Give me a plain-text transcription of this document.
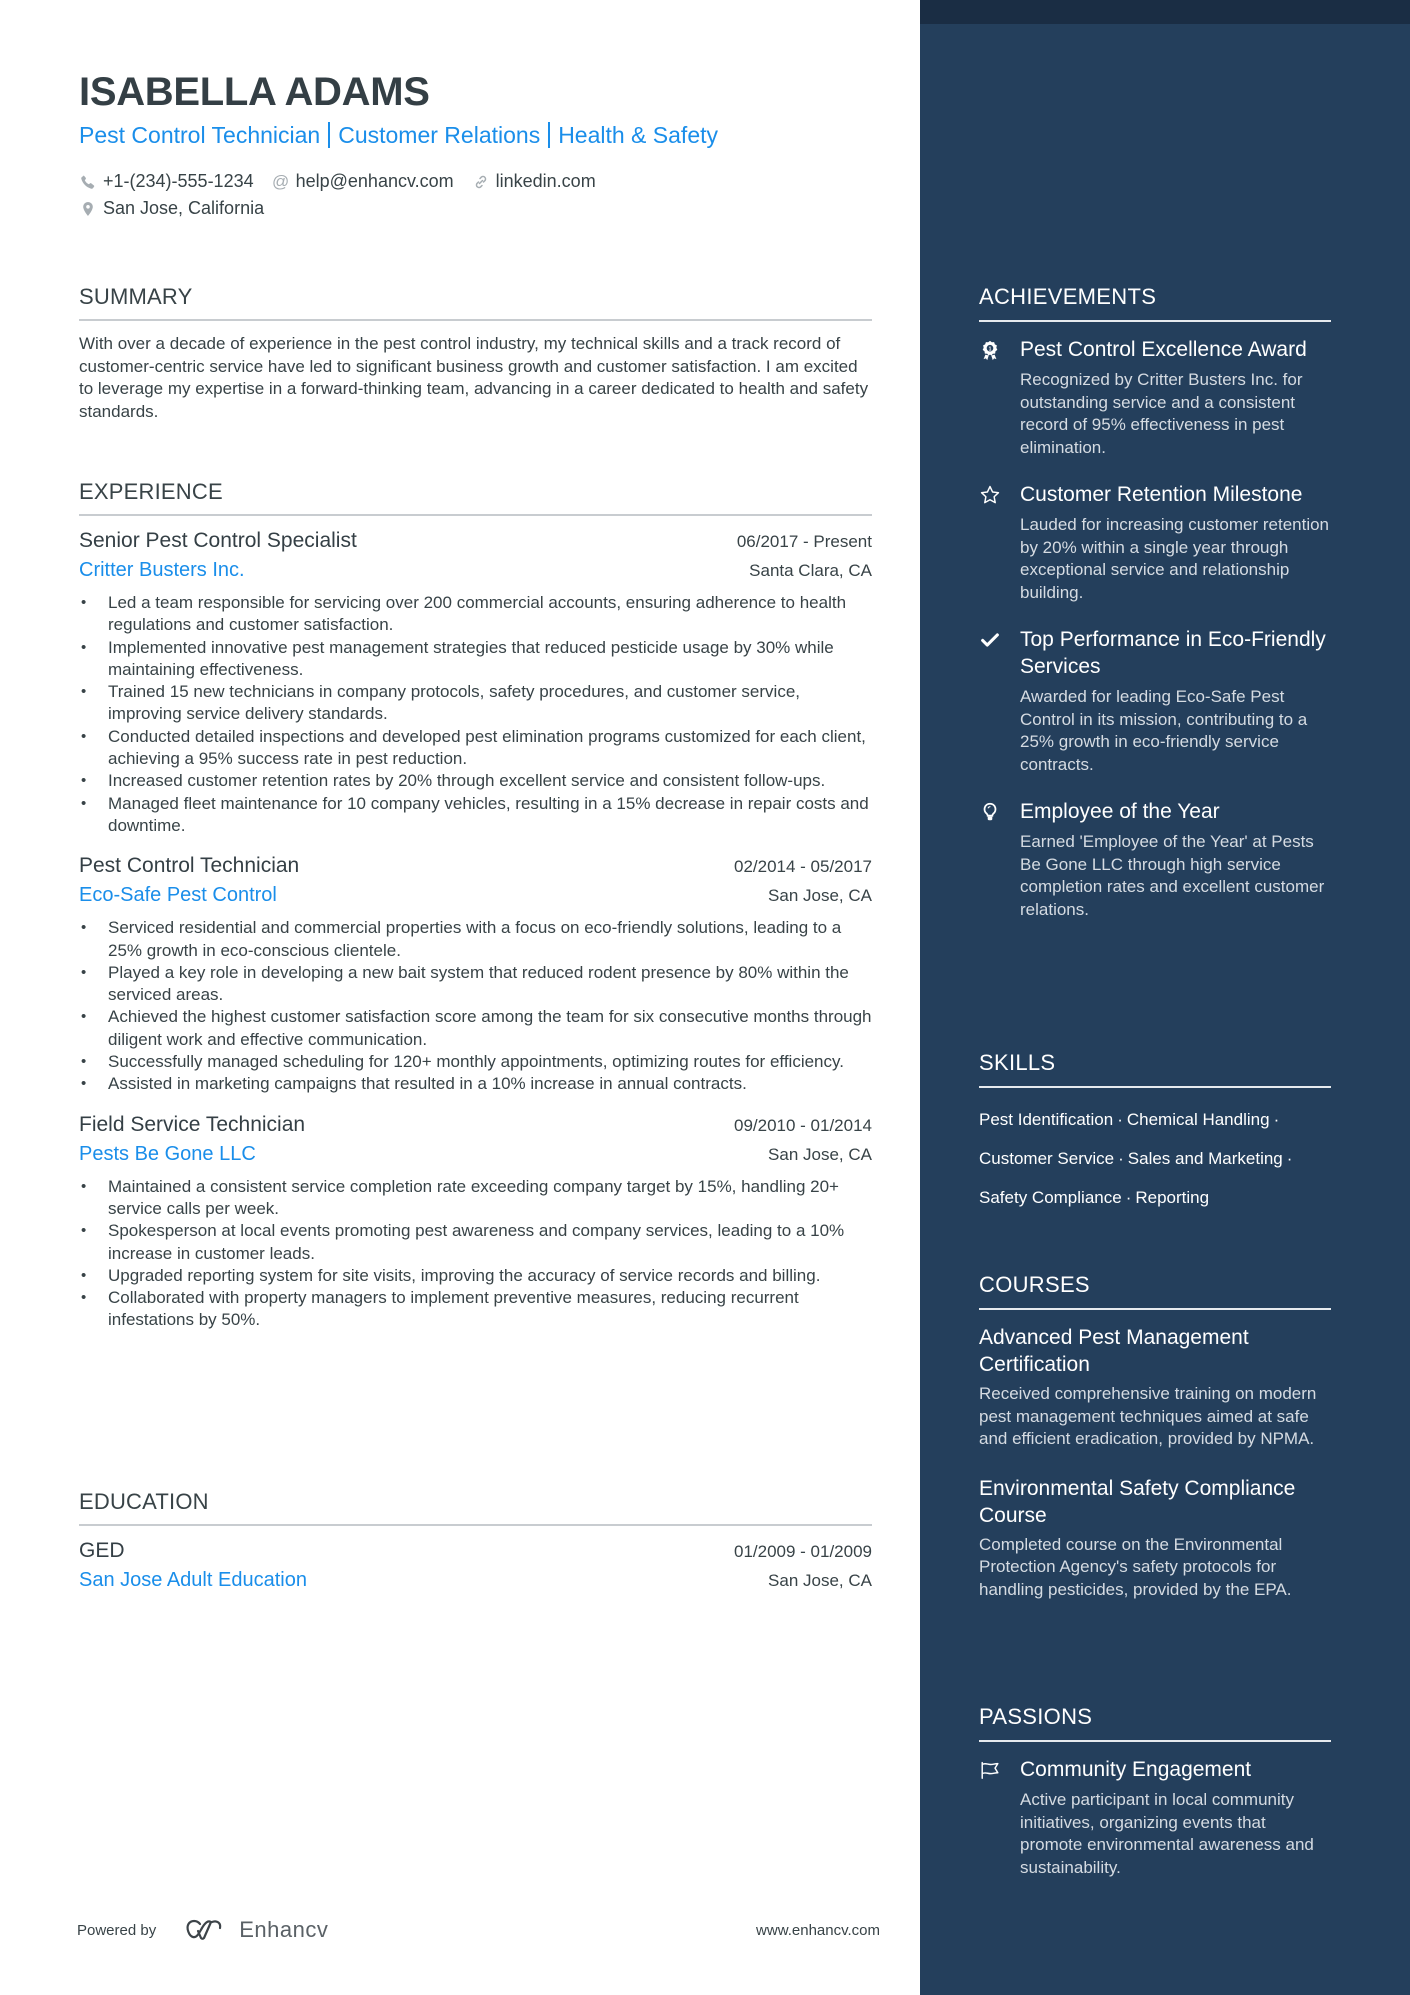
ISABELLA ADAMS
Pest Control Technician Customer Relations Health & Safety
+1-(234)-555-1234 @ help@enhancv.com linkedin.com
San Jose, California
SUMMARY

With over a decade of experience in the pest control industry, my technical skills and a track record of customer-centric service have led to significant business growth and customer satisfaction. I am excited to leverage my expertise in a forward-thinking team, advancing in a career dedicated to health and safety standards.

EXPERIENCE
Senior Pest Control Specialist	06/2017 - Present
Critter Busters Inc.	Santa Clara, CA
• Led a team responsible for servicing over 200 commercial accounts, ensuring adherence to health regulations and customer satisfaction.
• Implemented innovative pest management strategies that reduced pesticide usage by 30% while maintaining effectiveness.
• Trained 15 new technicians in company protocols, safety procedures, and customer service, improving service delivery standards.
• Conducted detailed inspections and developed pest elimination programs customized for each client, achieving a 95% success rate in pest reduction.
• Increased customer retention rates by 20% through excellent service and consistent follow-ups.
• Managed fleet maintenance for 10 company vehicles, resulting in a 15% decrease in repair costs and downtime.
Pest Control Technician	02/2014 - 05/2017
Eco-Safe Pest Control	San Jose, CA
• Serviced residential and commercial properties with a focus on eco-friendly solutions, leading to a 25% growth in eco-conscious clientele.
• Played a key role in developing a new bait system that reduced rodent presence by 80% within the serviced areas.
• Achieved the highest customer satisfaction score among the team for six consecutive months through diligent work and effective communication.
• Successfully managed scheduling for 120+ monthly appointments, optimizing routes for efficiency.
• Assisted in marketing campaigns that resulted in a 10% increase in annual contracts.
Field Service Technician	09/2010 - 01/2014
Pests Be Gone LLC	San Jose, CA
• Maintained a consistent service completion rate exceeding company target by 15%, handling 20+ service calls per week.
• Spokesperson at local events promoting pest awareness and company services, leading to a 10% increase in customer leads.
• Upgraded reporting system for site visits, improving the accuracy of service records and billing.
• Collaborated with property managers to implement preventive measures, reducing recurrent infestations by 50%.
EDUCATION
GED	01/2009 - 01/2009
San Jose Adult Education	San Jose, CA
Powered by	Enhancv	www.enhancv.com
ACHIEVEMENTS
1 Pest Control Excellence Award
Recognized by Critter Busters Inc. for outstanding service and a consistent record of 95% effectiveness in pest elimination.
Customer Retention Milestone
Lauded for increasing customer retention by 20% within a single year through exceptional service and relationship building.
Top Performance in Eco-Friendly Services
Awarded for leading Eco-Safe Pest Control in its mission, contributing to a 25% growth in eco-friendly service contracts.
Employee of the Year
Earned 'Employee of the Year' at Pests Be Gone LLC through high service completion rates and excellent customer relations.
SKILLS
Pest Identification · Chemical Handling ·
Customer Service · Sales and Marketing ·
Safety Compliance · Reporting
COURSES
Advanced Pest Management Certification
Received comprehensive training on modern pest management techniques aimed at safe and efficient eradication, provided by NPMA.
Environmental Safety Compliance Course
Completed course on the Environmental Protection Agency's safety protocols for handling pesticides, provided by the EPA.
PASSIONS
Community Engagement
Active participant in local community initiatives, organizing events that promote environmental awareness and sustainability.
